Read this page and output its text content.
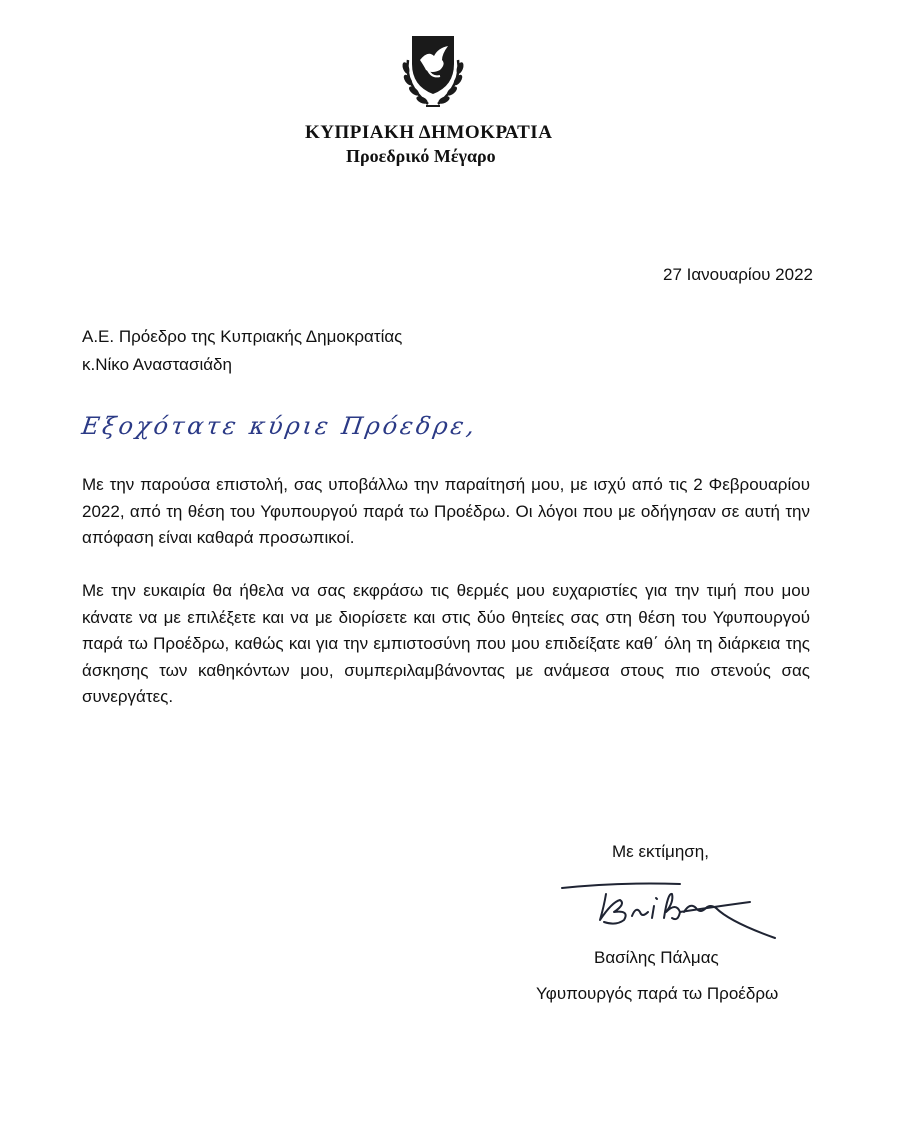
ΚΥΠΡΙΑΚΗ ΔΗΜΟΚΡΑΤΙΑ
Προεδρικό Μέγαρο
27 Ιανουαρίου 2022
Α.Ε. Πρόεδρο της Κυπριακής Δημοκρατίας
κ.Νίκο Αναστασιάδη
Εξοχότατε κύριε Πρόεδρε,
Με την παρούσα επιστολή, σας υποβάλλω την παραίτησή μου, με ισχύ από τις 2 Φεβρουαρίου 2022, από τη θέση του Υφυπουργού παρά τω Προέδρω. Οι λόγοι που με οδήγησαν σε αυτή την απόφαση είναι καθαρά προσωπικοί.
Με την ευκαιρία θα ήθελα να σας εκφράσω τις θερμές μου ευχαριστίες για την τιμή που μου κάνατε να με επιλέξετε και να με διορίσετε και στις δύο θητείες σας στη θέση του Υφυπουργού παρά τω Προέδρω, καθώς και για την εμπιστοσύνη που μου επιδείξατε καθ΄ όλη τη διάρκεια της άσκησης των καθηκόντων μου, συμπεριλαμβάνοντας με ανάμεσα στους πιο στενούς σας συνεργάτες.
Με εκτίμηση,
Βασίλης Πάλμας
Υφυπουργός παρά τω Προέδρω
